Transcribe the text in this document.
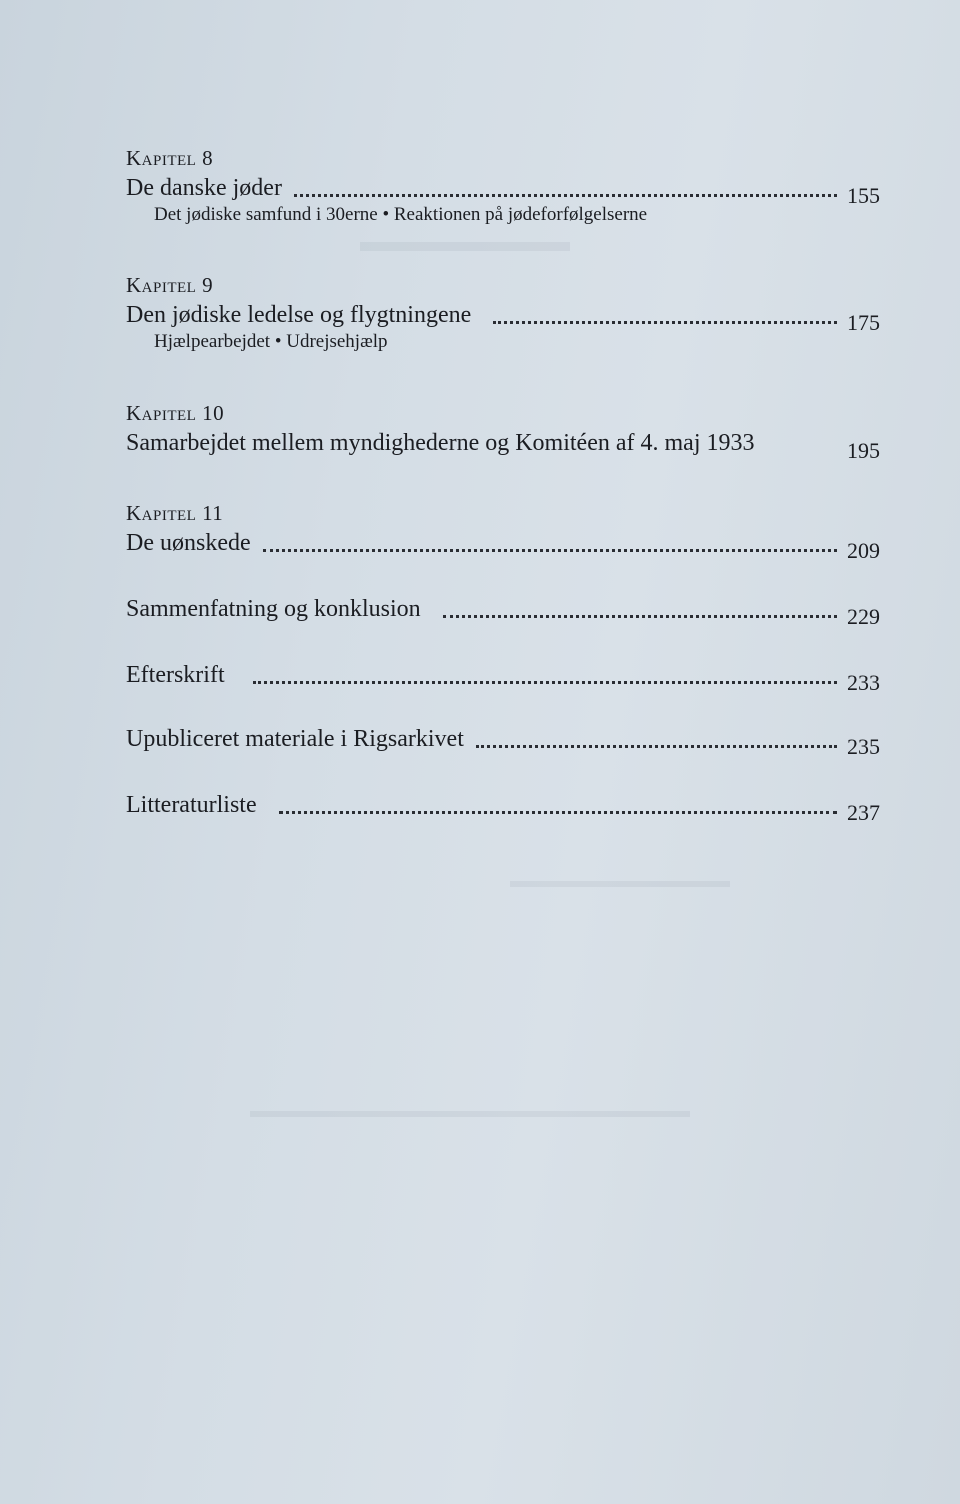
▬▬▬▬▬▬▬
▬▬▬▬▬▬▬▬▬▬▬
▬▬▬▬▬▬▬▬▬▬▬▬▬▬▬▬▬▬▬▬▬▬
Kapitel 8
De danske jøder	155
Det jødiske samfund i 30erne • Reaktionen på jødeforfølgelserne
Kapitel 9
Den jødiske ledelse og flygtningene	175
Hjælpearbejdet • Udrejsehjælp
Kapitel 10
Samarbejdet mellem myndighederne og Komitéen af 4. maj 1933	195
Kapitel 11
De uønskede	209
Sammenfatning og konklusion	229
Efterskrift	233
Upubliceret materiale i Rigsarkivet	235
Litteraturliste	237
